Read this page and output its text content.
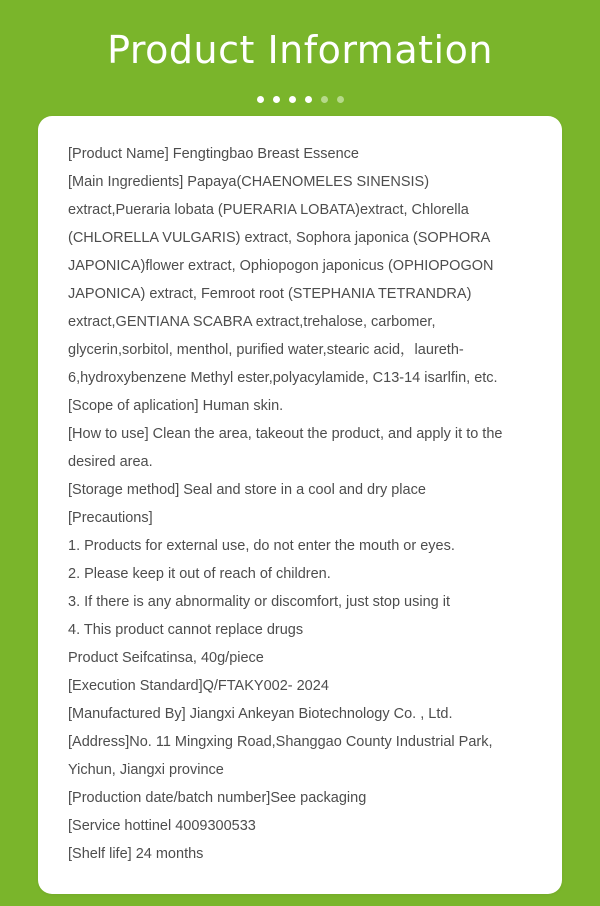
Product Information

[Product Name] Fengtingbao Breast Essence

[Main Ingredients] Papaya(CHAENOMELES SINENSIS) extract,Pueraria lobata (PUERARIA LOBATA)extract, Chlorella (CHLORELLA VULGARIS) extract, Sophora japonica (SOPHORA JAPONICA)flower extract, Ophiopogon japonicus (OPHIOPOGON JAPONICA) extract, Femroot root (STEPHANIA TETRANDRA) extract,GENTIANA SCABRA extract,trehalose, carbomer, glycerin,sorbitol, menthol, purified water,stearic acid，laureth-6,hydroxybenzene Methyl ester,polyacylamide, C13-14 isarlfin, etc.

[Scope of aplication] Human skin.

[How to use] Clean the area, takeout the product, and apply it to the desired area.

[Storage method] Seal and store in a cool and dry place

[Precautions]

1. Products for external use, do not enter the mouth or eyes.

2. Please keep it out of reach of children.

3. If there is any abnormality or discomfort, just stop using it

4. This product cannot replace drugs

Product Seifcatinsa, 40g/piece

[Execution Standard]Q/FTAKY002- 2024

[Manufactured By] Jiangxi Ankeyan Biotechnology Co. , Ltd.

[Address]No. 11 Mingxing Road,Shanggao County Industrial Park, Yichun, Jiangxi province

[Production date/batch number]See packaging

[Service hottinel 4009300533

[Shelf life] 24 months
